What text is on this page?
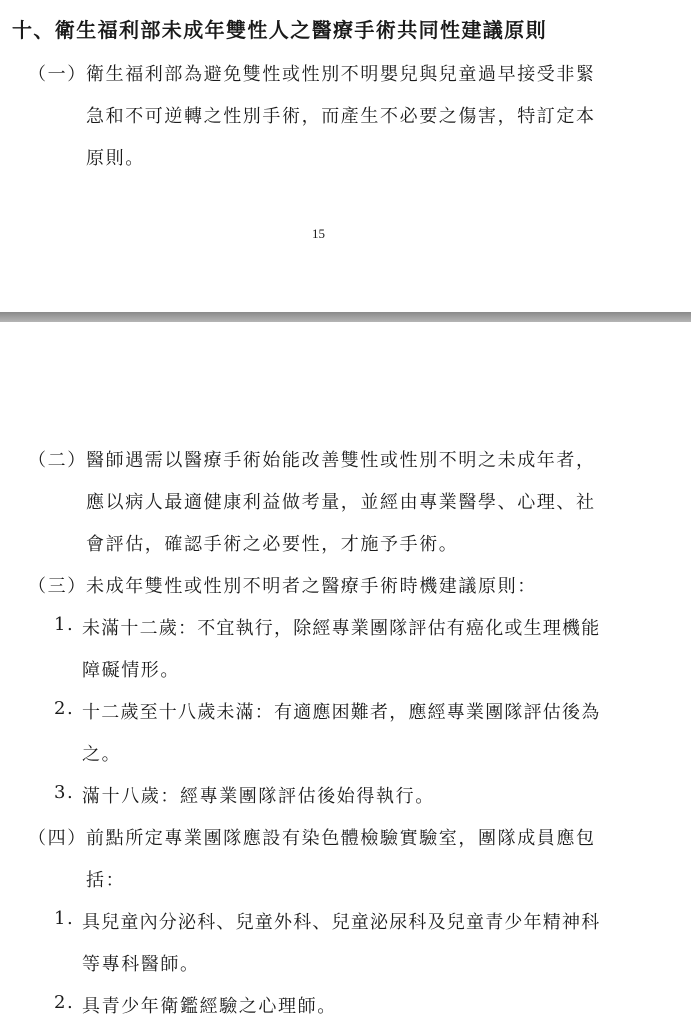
十、衛生福利部未成年雙性人之醫療手術共同性建議原則
（一） 衛生福利部為避免雙性或性別不明嬰兒與兒童過早接受非緊
急和不可逆轉之性別手術，而產生不必要之傷害，特訂定本
原則。
15
（二） 醫師遇需以醫療手術始能改善雙性或性別不明之未成年者，
應以病人最適健康利益做考量，並經由專業醫學、心理、社
會評估，確認手術之必要性，才施予手術。
（三） 未成年雙性或性別不明者之醫療手術時機建議原則：
1. 未滿十二歲：不宜執行，除經專業團隊評估有癌化或生理機能
障礙情形。
2. 十二歲至十八歲未滿：有適應困難者，應經專業團隊評估後為
之。
3. 滿十八歲：經專業團隊評估後始得執行。
（四） 前點所定專業團隊應設有染色體檢驗實驗室，團隊成員應包
括：
1. 具兒童內分泌科、兒童外科、兒童泌尿科及兒童青少年精神科
等專科醫師。
2. 具青少年衛鑑經驗之心理師。
